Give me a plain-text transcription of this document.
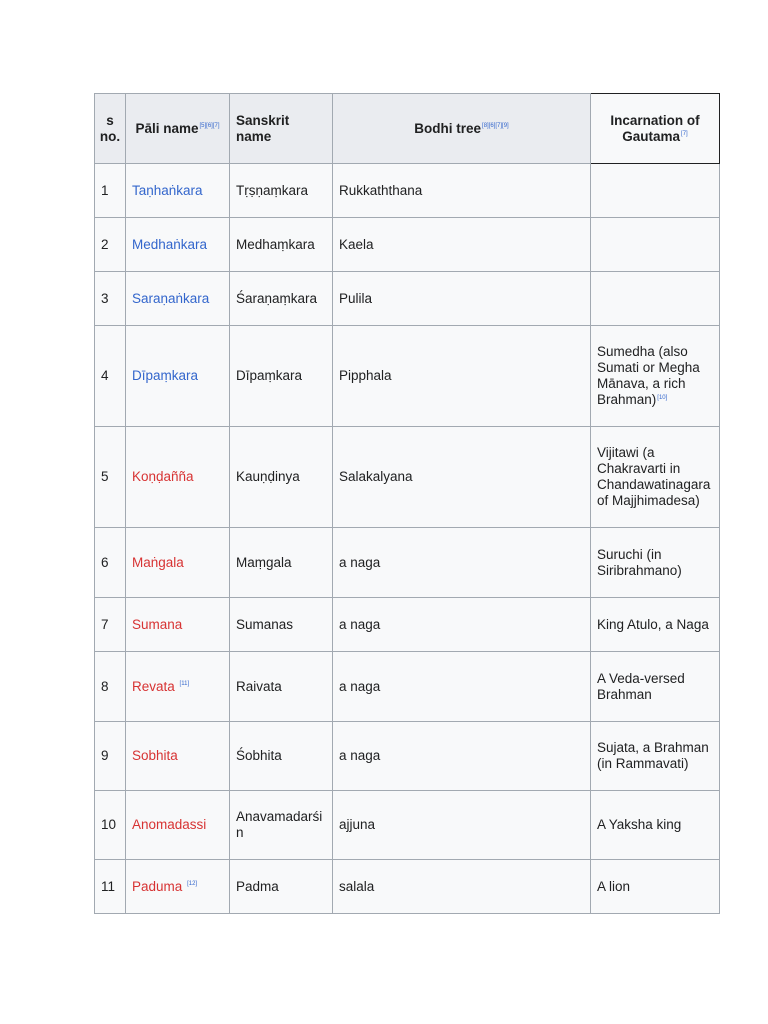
s no.	Pāli name[5][6][7]	Sanskrit name	Bodhi tree[8][6][7][9]	Incarnation of Gautama[7]
1	Taṇhaṅkara	Tṛṣṇaṃkara	Rukkaththana	
2	Medhaṅkara	Medhaṃkara	Kaela	
3	Saraṇaṅkara	Śaraṇaṃkara	Pulila	
4	Dīpaṃkara	Dīpaṃkara	Pipphala	Sumedha (also Sumati or Megha Mānava, a rich Brahman)[10]
5	Koṇḍañña	Kauṇḍinya	Salakalyana	Vijitawi (a Chakravarti in Chandawatinagara of Majjhimadesa)
6	Maṅgala	Maṃgala	a naga	Suruchi (in Siribrahmano)
7	Sumana	Sumanas	a naga	King Atulo, a Naga
8	Revata [11]	Raivata	a naga	A Veda-versed Brahman
9	Sobhita	Śobhita	a naga	Sujata, a Brahman (in Rammavati)
10	Anomadassi	Anavamadarśin	ajjuna	A Yaksha king
11	Paduma [12]	Padma	salala	A lion
